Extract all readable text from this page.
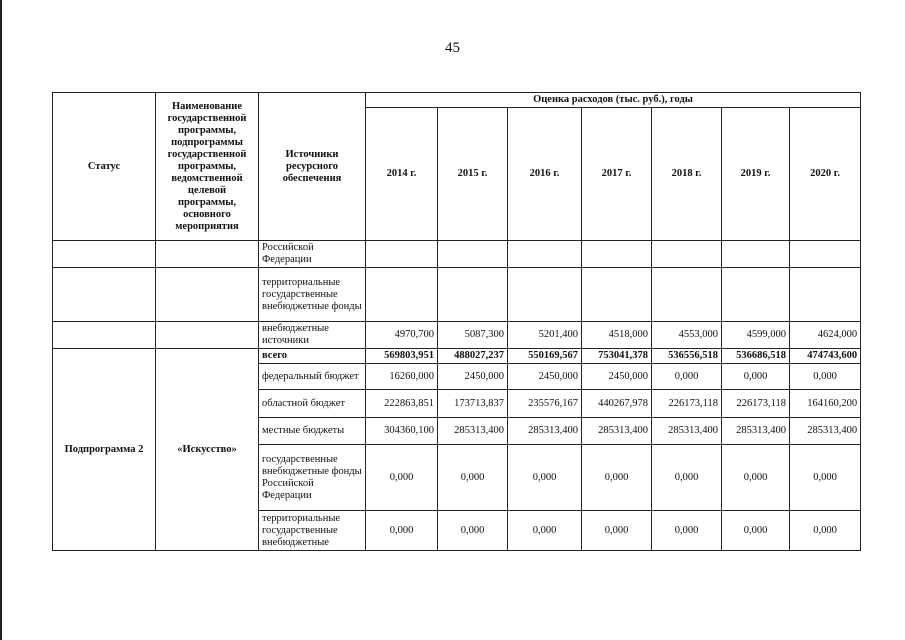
45
Статус	Наименование государственной программы, подпрограммы государственной программы, ведомственной целевой программы, основного мероприятия	Источники ресурсного обеспечения	Оценка расходов (тыс. руб.), годы						
			2014 г.	2015 г.	2016 г.	2017 г.	2018 г.	2019 г.	2020 г.
		Российской Федерации							
		территориальные государственные внебюджетные фонды							
		внебюджетные источники	4970,700	5087,300	5201,400	4518,000	4553,000	4599,000	4624,000
Подпрограмма 2	«Искусство»	всего	569803,951	488027,237	550169,567	753041,378	536556,518	536686,518	474743,600
		федеральный бюджет	16260,000	2450,000	2450,000	2450,000	0,000	0,000	0,000
		областной бюджет	222863,851	173713,837	235576,167	440267,978	226173,118	226173,118	164160,200
		местные бюджеты	304360,100	285313,400	285313,400	285313,400	285313,400	285313,400	285313,400
		государственные внебюджетные фонды Российской Федерации	0,000	0,000	0,000	0,000	0,000	0,000	0,000
		территориальные государственные внебюджетные	0,000	0,000	0,000	0,000	0,000	0,000	0,000
